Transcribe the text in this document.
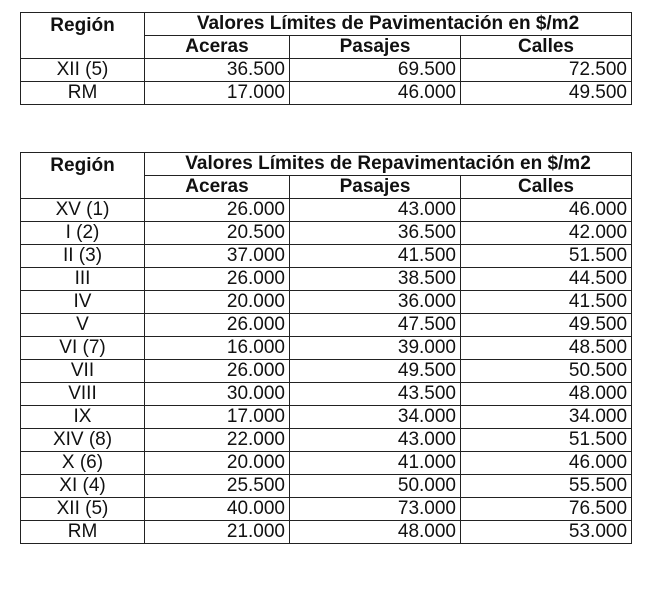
Región	Valores Límites de Pavimentación en $/m2		
	Aceras	Pasajes	Calles
XII (5)	36.500	69.500	72.500
RM	17.000	46.000	49.500
Región	Valores Límites de Repavimentación en $/m2		
	Aceras	Pasajes	Calles
XV (1)	26.000	43.000	46.000
I (2)	20.500	36.500	42.000
II (3)	37.000	41.500	51.500
III	26.000	38.500	44.500
IV	20.000	36.000	41.500
V	26.000	47.500	49.500
VI (7)	16.000	39.000	48.500
VII	26.000	49.500	50.500
VIII	30.000	43.500	48.000
IX	17.000	34.000	34.000
XIV (8)	22.000	43.000	51.500
X (6)	20.000	41.000	46.000
XI (4)	25.500	50.000	55.500
XII (5)	40.000	73.000	76.500
RM	21.000	48.000	53.000
